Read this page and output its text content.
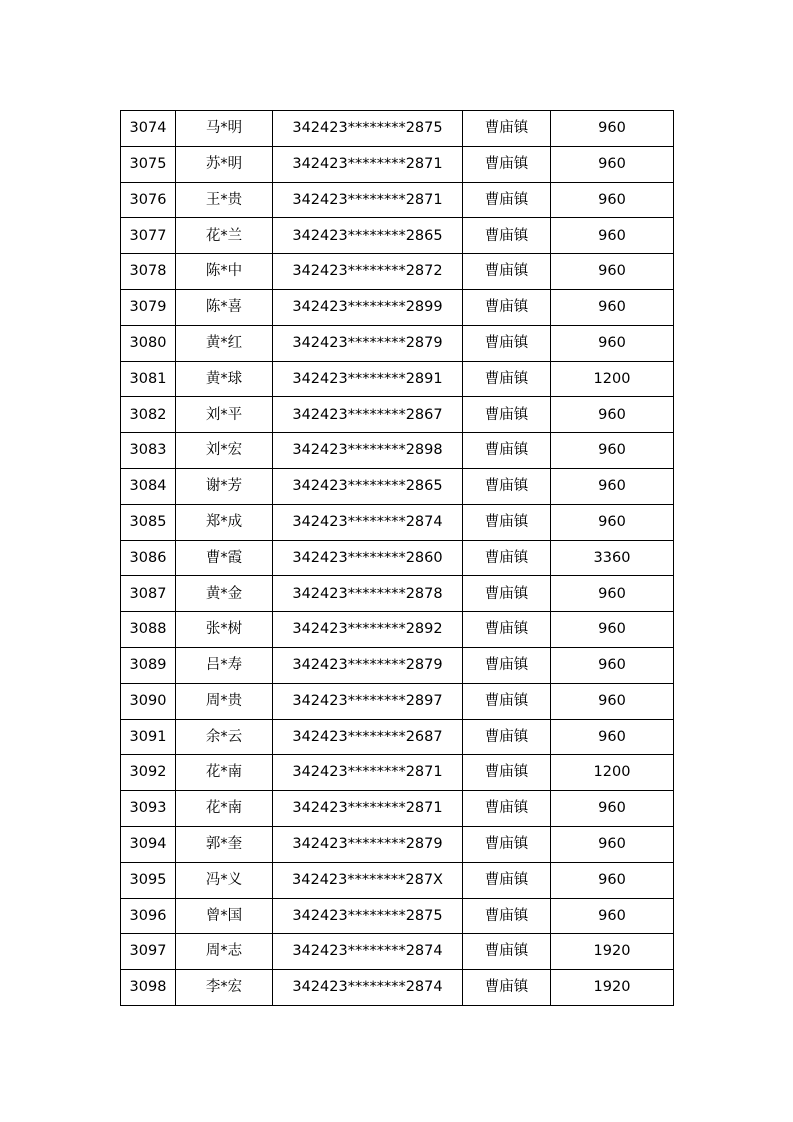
3074	马*明	342423********2875	曹庙镇	960
3075	苏*明	342423********2871	曹庙镇	960
3076	王*贵	342423********2871	曹庙镇	960
3077	花*兰	342423********2865	曹庙镇	960
3078	陈*中	342423********2872	曹庙镇	960
3079	陈*喜	342423********2899	曹庙镇	960
3080	黄*红	342423********2879	曹庙镇	960
3081	黄*球	342423********2891	曹庙镇	1200
3082	刘*平	342423********2867	曹庙镇	960
3083	刘*宏	342423********2898	曹庙镇	960
3084	谢*芳	342423********2865	曹庙镇	960
3085	郑*成	342423********2874	曹庙镇	960
3086	曹*霞	342423********2860	曹庙镇	3360
3087	黄*金	342423********2878	曹庙镇	960
3088	张*树	342423********2892	曹庙镇	960
3089	吕*寿	342423********2879	曹庙镇	960
3090	周*贵	342423********2897	曹庙镇	960
3091	余*云	342423********2687	曹庙镇	960
3092	花*南	342423********2871	曹庙镇	1200
3093	花*南	342423********2871	曹庙镇	960
3094	郭*奎	342423********2879	曹庙镇	960
3095	冯*义	342423********287X	曹庙镇	960
3096	曾*国	342423********2875	曹庙镇	960
3097	周*志	342423********2874	曹庙镇	1920
3098	李*宏	342423********2874	曹庙镇	1920
